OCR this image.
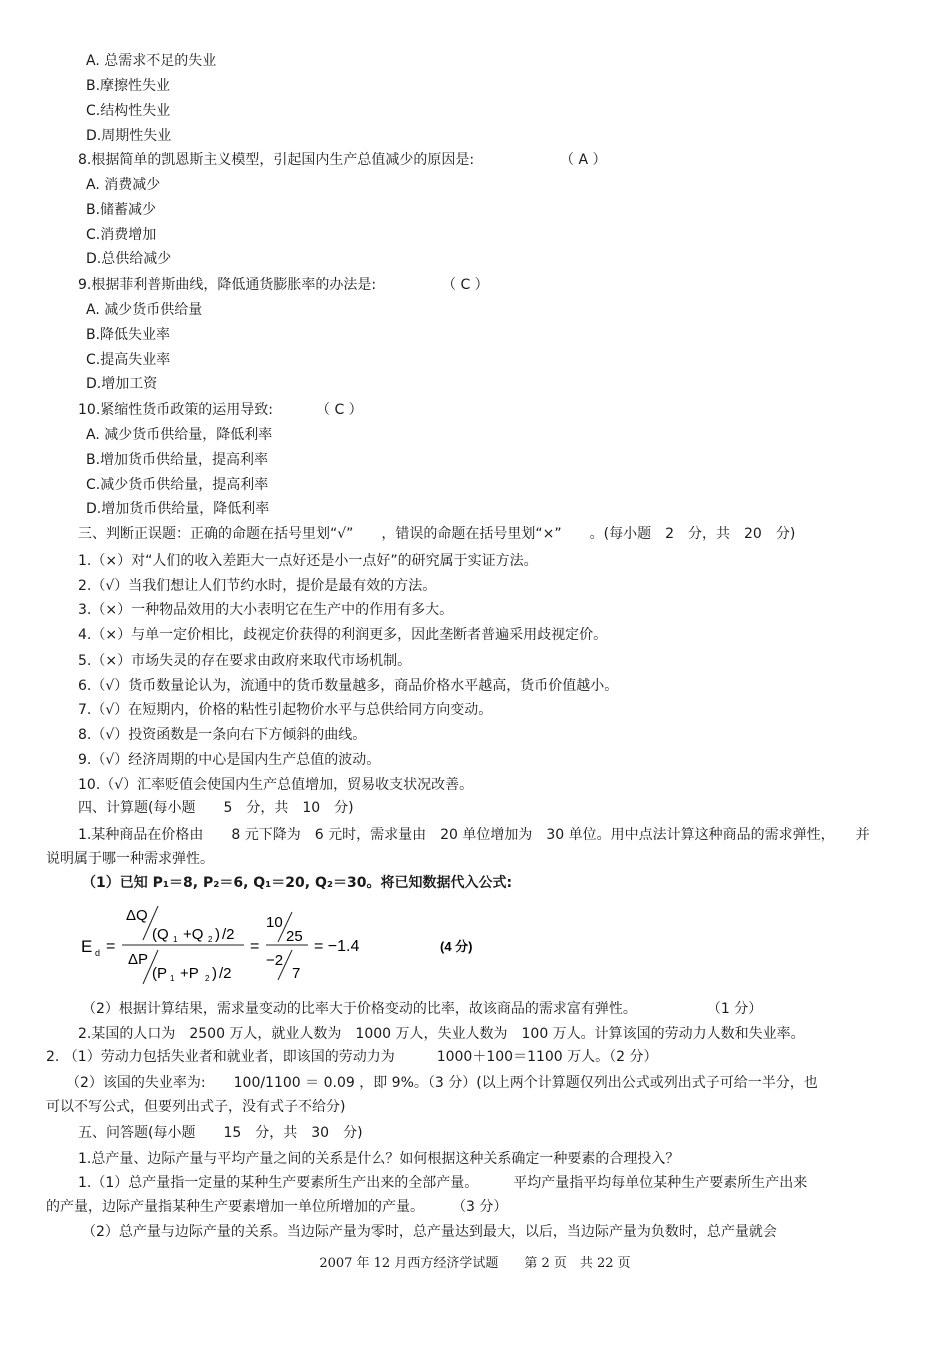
A. 总需求不足的失业
B.摩擦性失业
C.结构性失业
D.周期性失业
8.根据简单的凯恩斯主义模型，引起国内生产总值减少的原因是:	（ A ）
A. 消费减少
B.储蓄减少
C.消费增加
D.总供给减少
9.根据菲利普斯曲线，降低通货膨胀率的办法是:	（ C ）
A. 减少货币供给量
B.降低失业率
C.提高失业率
D.增加工资
10.紧缩性货币政策的运用导致:	（ C ）
A. 减少货币供给量，降低利率
B.增加货币供给量，提高利率
C.减少货币供给量，提高利率
D.增加货币供给量，降低利率
三、判断正误题：正确的命题在括号里划“√”　　，错误的命题在括号里划“×”　　。(每小题　2　分，共　20　分)
1.（×）对“人们的收入差距大一点好还是小一点好”的研究属于实证方法。
2.（√）当我们想让人们节约水时，提价是最有效的方法。
3.（×）一种物品效用的大小表明它在生产中的作用有多大。
4.（×）与单一定价相比，歧视定价获得的利润更多，因此垄断者普遍采用歧视定价。
5.（×）市场失灵的存在要求由政府来取代市场机制。
6.（√）货币数量论认为，流通中的货币数量越多，商品价格水平越高，货币价值越小。
7.（√）在短期内，价格的粘性引起物价水平与总供给同方向变动。
8.（√）投资函数是一条向右下方倾斜的曲线。
9.（√）经济周期的中心是国内生产总值的波动。
10.（√）汇率贬值会使国内生产总值增加，贸易收支状况改善。
四、计算题(每小题　　5　分，共　10　分)
1.某种商品在价格由　　8 元下降为　6 元时，需求量由　20 单位增加为　30 单位。用中点法计算这种商品的需求弹性，　　并
说明属于哪一种需求弹性。
（1）已知 P₁＝8, P₂＝6, Q₁＝20, Q₂＝30。将已知数据代入公式:
E d =
ΔQ
(Q 1 +Q 2 ) /2
ΔP
(P 1 +P 2 ) /2
=
10
25
−2
7
= −1.4	(4 分)
（2）根据计算结果，需求量变动的比率大于价格变动的比率，故该商品的需求富有弹性。　　　　　　（1 分）
2.某国的人口为　2500 万人，就业人数为　1000 万人，失业人数为　100 万人。计算该国的劳动力人数和失业率。
2. （1）劳动力包括失业者和就业者，即该国的劳动力为　　　1000＋100＝1100 万人。（2 分）
（2）该国的失业率为:　　100/1100 ＝ 0.09 ，即 9%。（3 分）(以上两个计算题仅列出公式或列出式子可给一半分，也
可以不写公式，但要列出式子，没有式子不给分)
五、问答题(每小题　　15　分，共　30　分)
1.总产量、边际产量与平均产量之间的关系是什么？如何根据这种关系确定一种要素的合理投入？
1.（1）总产量指一定量的某种生产要素所生产出来的全部产量。　　　平均产量指平均每单位某种生产要素所生产出来
的产量，边际产量指某种生产要素增加一单位所增加的产量。　　　（3 分）
（2）总产量与边际产量的关系。当边际产量为零时，总产量达到最大，以后，当边际产量为负数时，总产量就会
2007 年 12 月西方经济学试题　　第 2 页　共 22 页
